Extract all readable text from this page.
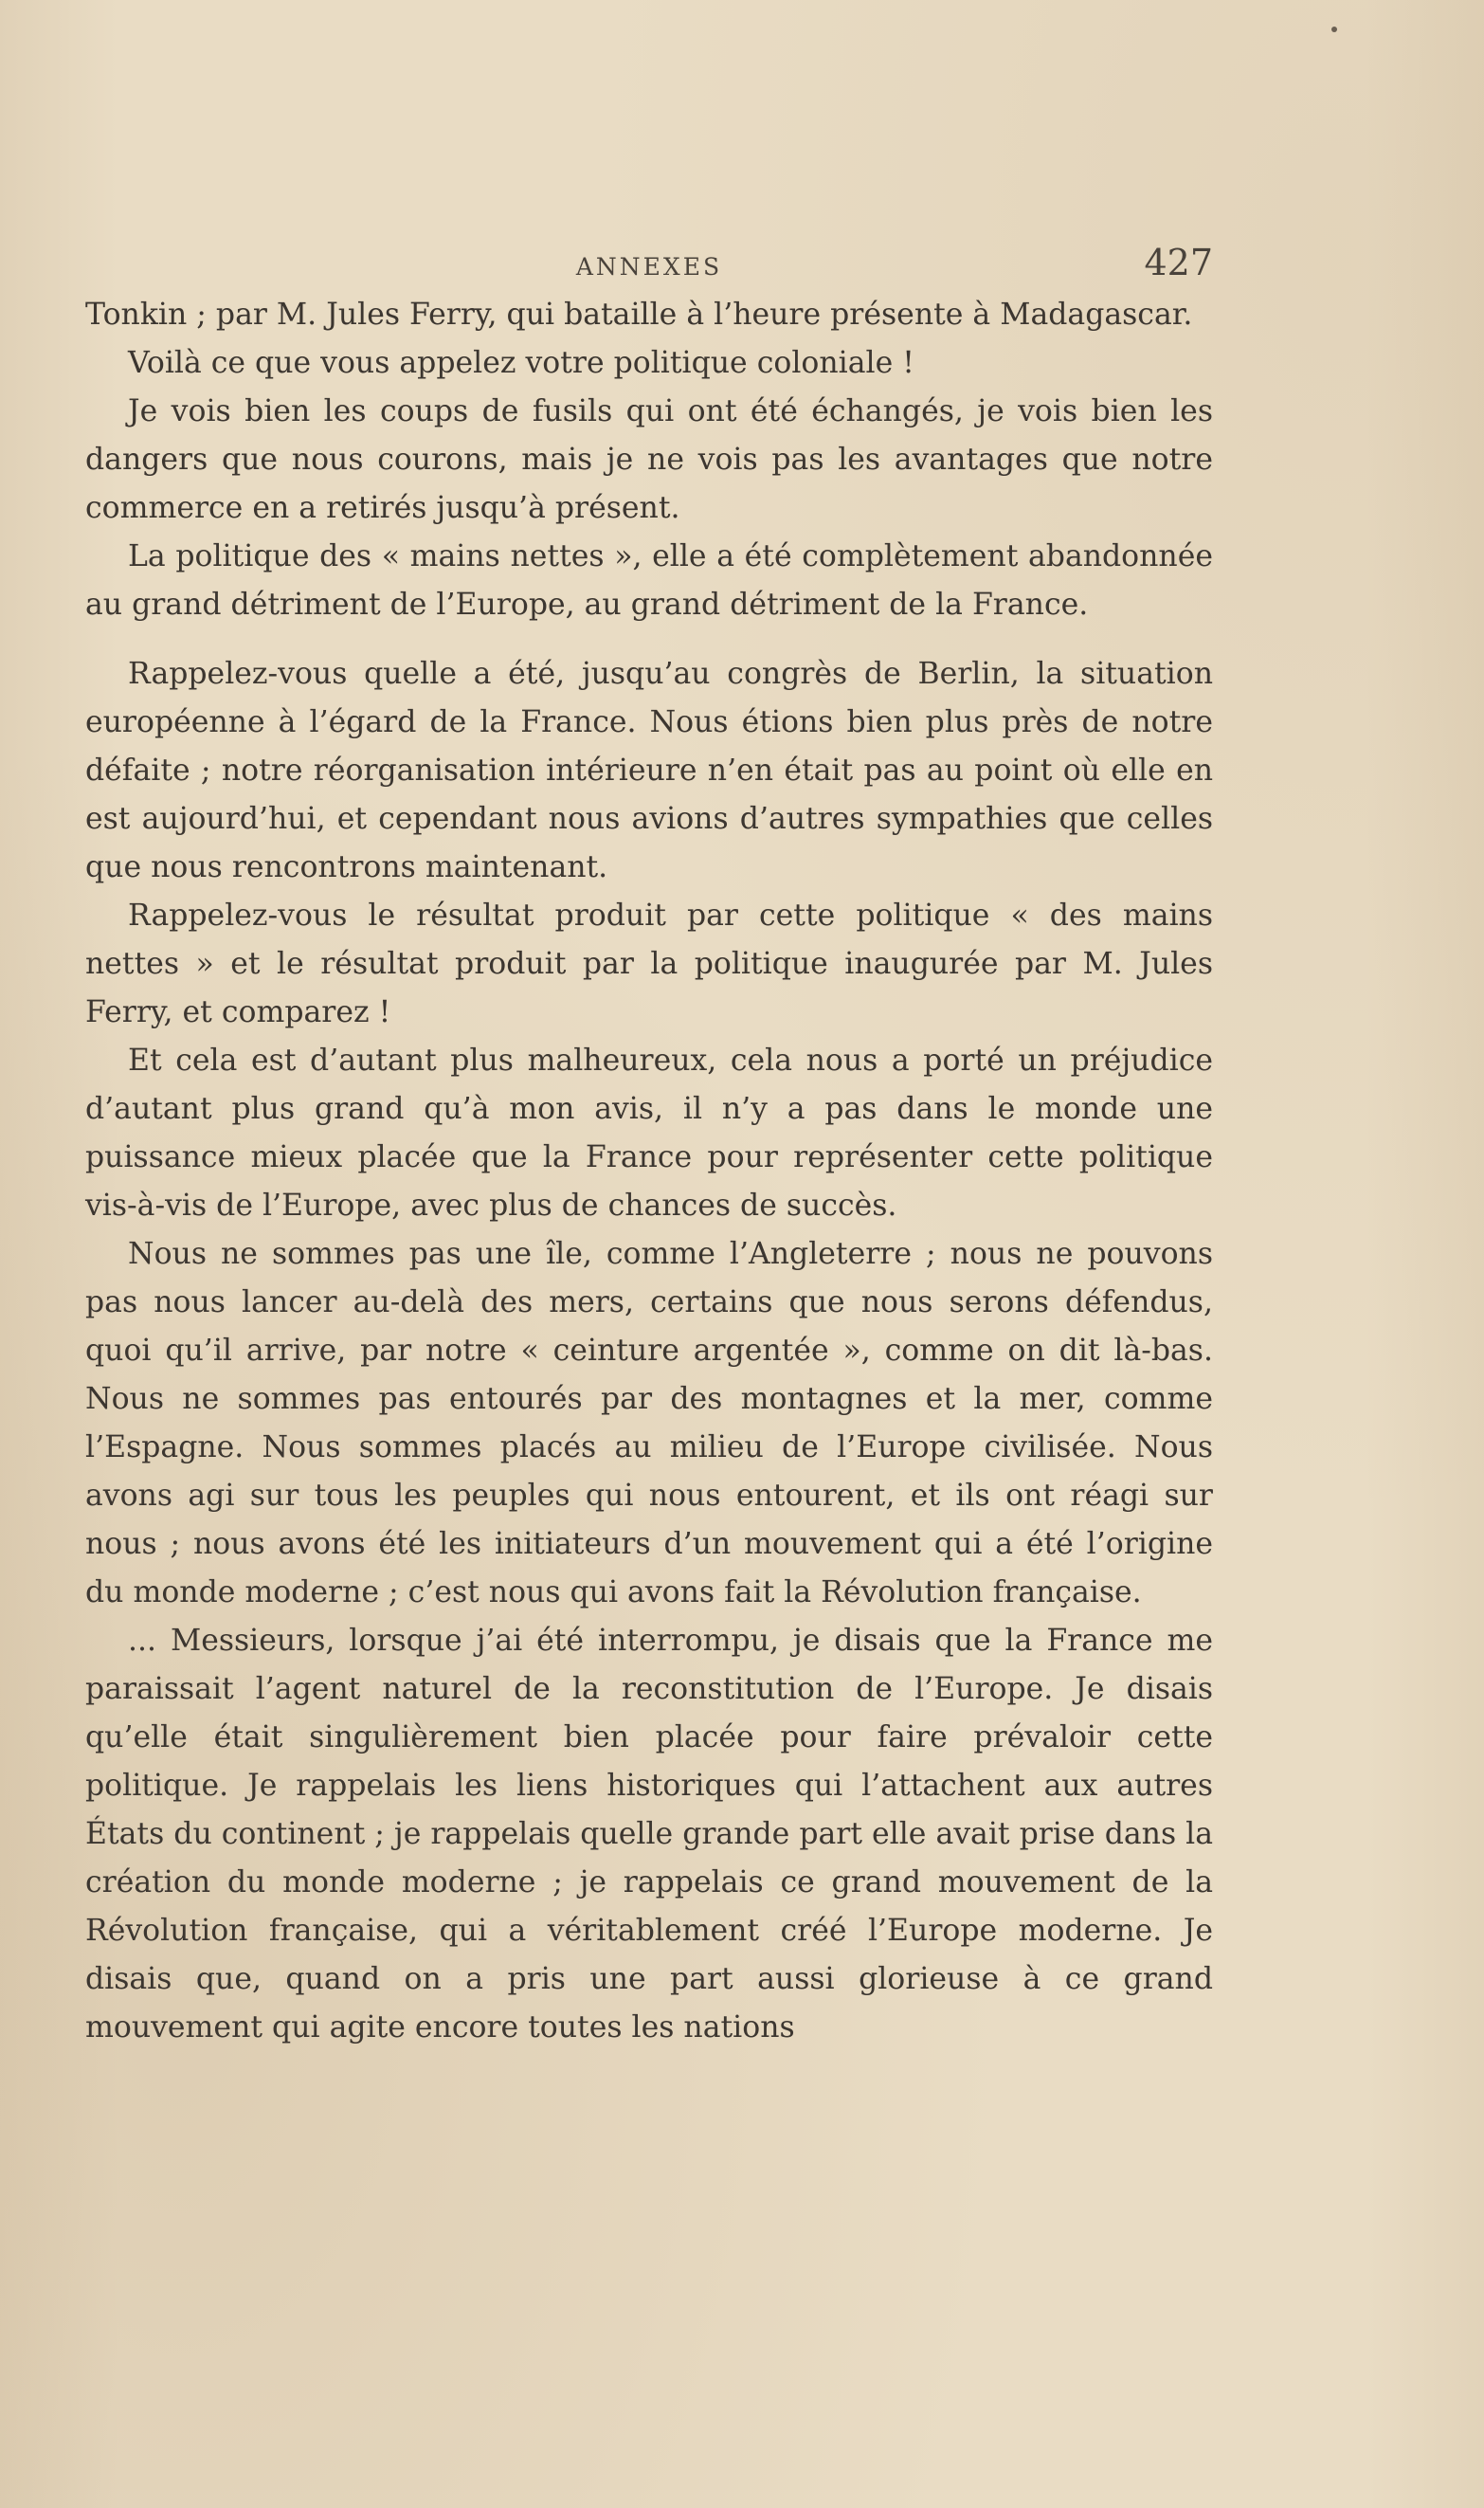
ANNEXES	427

Tonkin ; par M. Jules Ferry, qui bataille à l’heure présente à Madagascar.

Voilà ce que vous appelez votre politique coloniale !

Je vois bien les coups de fusils qui ont été échangés, je vois bien les dangers que nous courons, mais je ne vois pas les avantages que notre commerce en a retirés jusqu’à présent.

La politique des « mains nettes », elle a été complètement abandonnée au grand détriment de l’Europe, au grand détriment de la France.

Rappelez-vous quelle a été, jusqu’au congrès de Berlin, la situation européenne à l’égard de la France. Nous étions bien plus près de notre défaite ; notre réorganisation intérieure n’en était pas au point où elle en est aujourd’hui, et cependant nous avions d’autres sympathies que celles que nous rencontrons maintenant.

Rappelez-vous le résultat produit par cette politique « des mains nettes » et le résultat produit par la politique inaugurée par M. Jules Ferry, et comparez !

Et cela est d’autant plus malheureux, cela nous a porté un préjudice d’autant plus grand qu’à mon avis, il n’y a pas dans le monde une puissance mieux placée que la France pour représenter cette politique vis-à-vis de l’Europe, avec plus de chances de succès.

Nous ne sommes pas une île, comme l’Angleterre ; nous ne pouvons pas nous lancer au-delà des mers, certains que nous serons défendus, quoi qu’il arrive, par notre « ceinture argentée », comme on dit là-bas. Nous ne sommes pas entourés par des montagnes et la mer, comme l’Espagne. Nous sommes placés au milieu de l’Europe civilisée. Nous avons agi sur tous les peuples qui nous entourent, et ils ont réagi sur nous ; nous avons été les initiateurs d’un mouvement qui a été l’origine du monde moderne ; c’est nous qui avons fait la Révolution française.

... Messieurs, lorsque j’ai été interrompu, je disais que la France me paraissait l’agent naturel de la reconstitution de l’Europe. Je disais qu’elle était singulièrement bien placée pour faire prévaloir cette politique. Je rappelais les liens historiques qui l’attachent aux autres États du continent ; je rappelais quelle grande part elle avait prise dans la création du monde moderne ; je rappelais ce grand mouvement de la Révolution française, qui a véritablement créé l’Europe moderne. Je disais que, quand on a pris une part aussi glorieuse à ce grand mouvement qui agite encore toutes les nations
